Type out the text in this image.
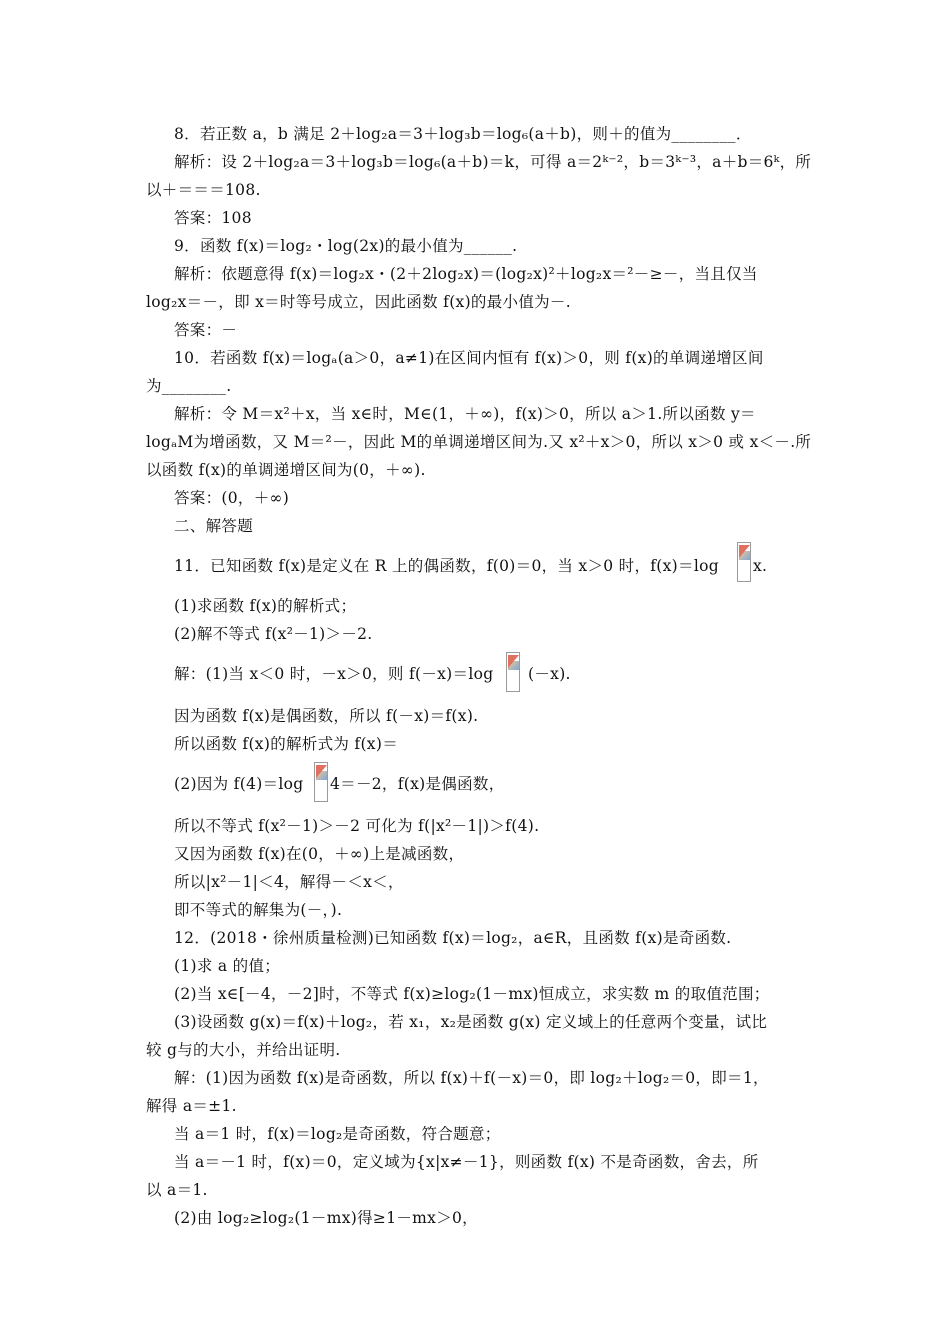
8．若正数 a，b 满足 2＋log₂a＝3＋log₃b＝log₆(a＋b)，则＋的值为________．
解析：设 2＋log₂a＝3＋log₃b＝log₆(a＋b)＝k，可得 a＝2ᵏ⁻²，b＝3ᵏ⁻³，a＋b＝6ᵏ，所
以＋＝＝＝108.
答案：108
9．函数 f(x)＝log₂・log(2x)的最小值为______.
解析：依题意得 f(x)＝log₂x・(2＋2log₂x)＝(log₂x)²＋log₂x＝²－≥－，当且仅当
log₂x＝－，即 x＝时等号成立，因此函数 f(x)的最小值为－.
答案：－
10．若函数 f(x)＝logₐ(a＞0，a≠1)在区间内恒有 f(x)＞0，则 f(x)的单调递增区间
为________.
解析：令 M＝x²＋x，当 x∈时，M∈(1，＋∞)，f(x)＞0，所以 a＞1.所以函数 y＝
logₐM为增函数，又 M＝²－，因此 M的单调递增区间为.又 x²＋x＞0，所以 x＞0 或 x＜－.所
以函数 f(x)的单调递增区间为(0，＋∞).
答案：(0，＋∞)
二、解答题
11．已知函数 f(x)是定义在 R 上的偶函数，f(0)＝0，当 x＞0 时，f(x)＝log x.
(1)求函数 f(x)的解析式；
(2)解不等式 f(x²－1)＞－2.
解：(1)当 x＜0 时，－x＞0，则 f(－x)＝log (－x).
因为函数 f(x)是偶函数，所以 f(－x)＝f(x).
所以函数 f(x)的解析式为 f(x)＝
(2)因为 f(4)＝log 4＝－2，f(x)是偶函数，
所以不等式 f(x²－1)＞－2 可化为 f(|x²－1|)＞f(4).
又因为函数 f(x)在(0，＋∞)上是减函数，
所以|x²－1|＜4，解得－＜x＜，
即不等式的解集为(－，).
12．(2018・徐州质量检测)已知函数 f(x)＝log₂，a∈R，且函数 f(x)是奇函数.
(1)求 a 的值；
(2)当 x∈[－4，－2]时，不等式 f(x)≥log₂(1－mx)恒成立，求实数 m 的取值范围；
(3)设函数 g(x)＝f(x)＋log₂，若 x₁，x₂是函数 g(x) 定义域上的任意两个变量，试比
较 g与的大小，并给出证明.
解：(1)因为函数 f(x)是奇函数，所以 f(x)＋f(－x)＝0，即 log₂＋log₂＝0，即＝1，
解得 a＝±1.
当 a＝1 时，f(x)＝log₂是奇函数，符合题意；
当 a＝－1 时，f(x)＝0，定义域为{x|x≠－1}，则函数 f(x) 不是奇函数，舍去，所
以 a＝1.
(2)由 log₂≥log₂(1－mx)得≥1－mx＞0，
